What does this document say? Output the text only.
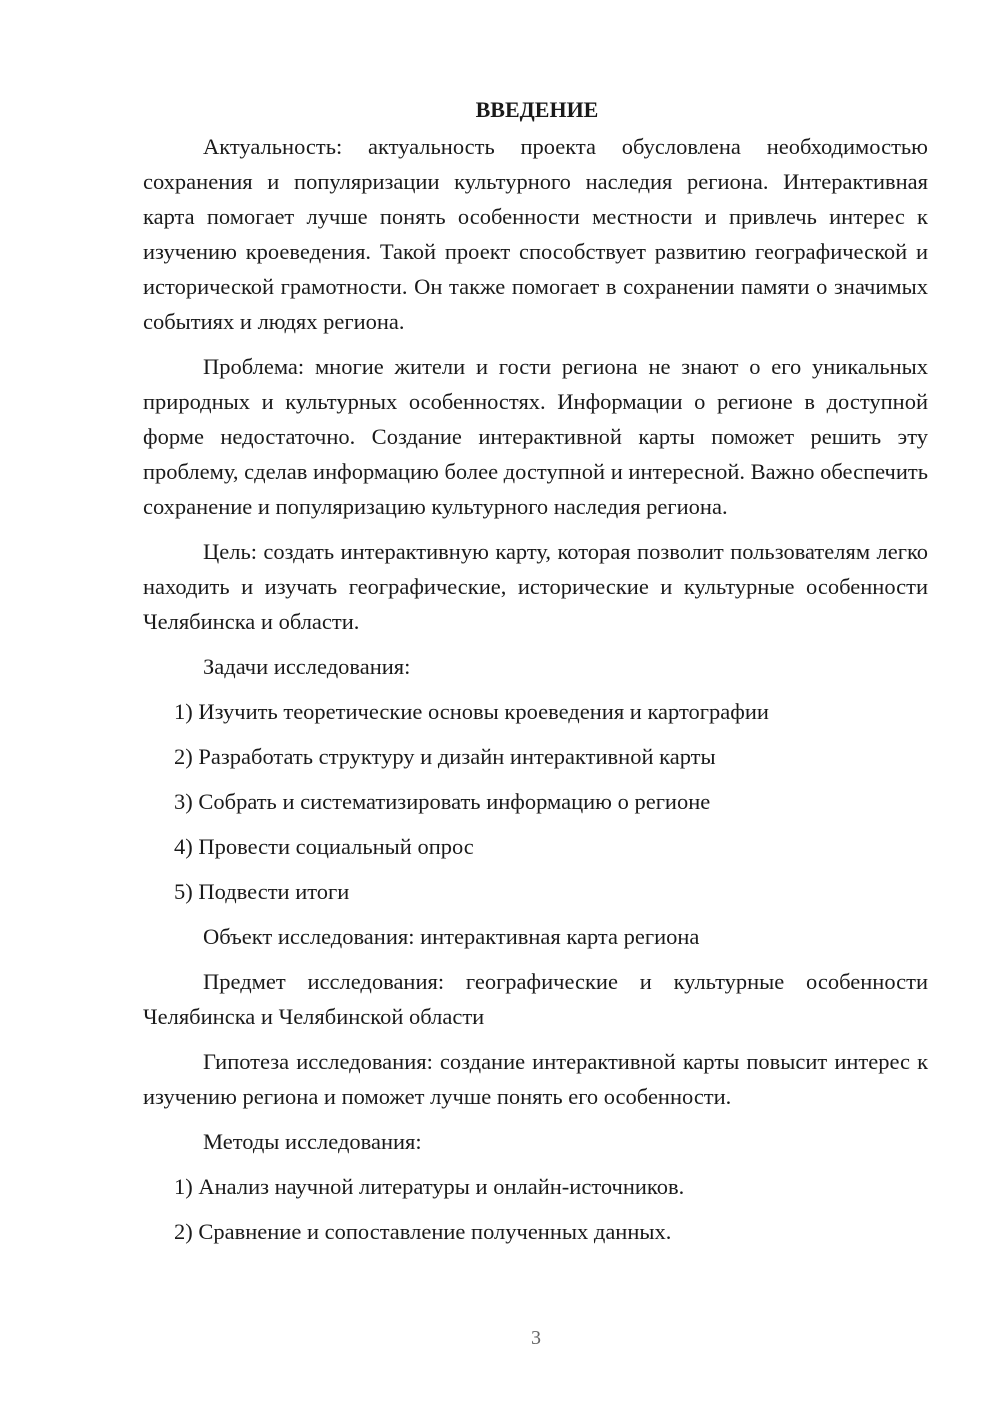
ВВЕДЕНИЕ

Актуальность: актуальность проекта обусловлена необходимостью сохранения и популяризации культурного наследия региона. Интерактивная карта помогает лучше понять особенности местности и привлечь интерес к изучению кроеведения. Такой проект способствует развитию географической и исторической грамотности. Он также помогает в сохранении памяти о значимых событиях и людях региона.

Проблема: многие жители и гости региона не знают о его уникальных природных и культурных особенностях. Информации о регионе в доступной форме недостаточно. Создание интерактивной карты поможет решить эту проблему, сделав информацию более доступной и интересной. Важно обеспечить сохранение и популяризацию культурного наследия региона.

Цель: создать интерактивную карту, которая позволит пользователям легко находить и изучать географические, исторические и культурные особенности Челябинска и области.

Задачи исследования:

1) Изучить теоретические основы кроеведения и картографии

2) Разработать структуру и дизайн интерактивной карты

3) Собрать и систематизировать информацию о регионе

4) Провести социальный опрос

5) Подвести итоги

Объект исследования: интерактивная карта региона

Предмет исследования: географические и культурные особенности Челябинска и Челябинской области

Гипотеза исследования: создание интерактивной карты повысит интерес к изучению региона и поможет лучше понять его особенности.

Методы исследования:

1) Анализ научной литературы и онлайн-источников.

2) Сравнение и сопоставление полученных данных.

3
